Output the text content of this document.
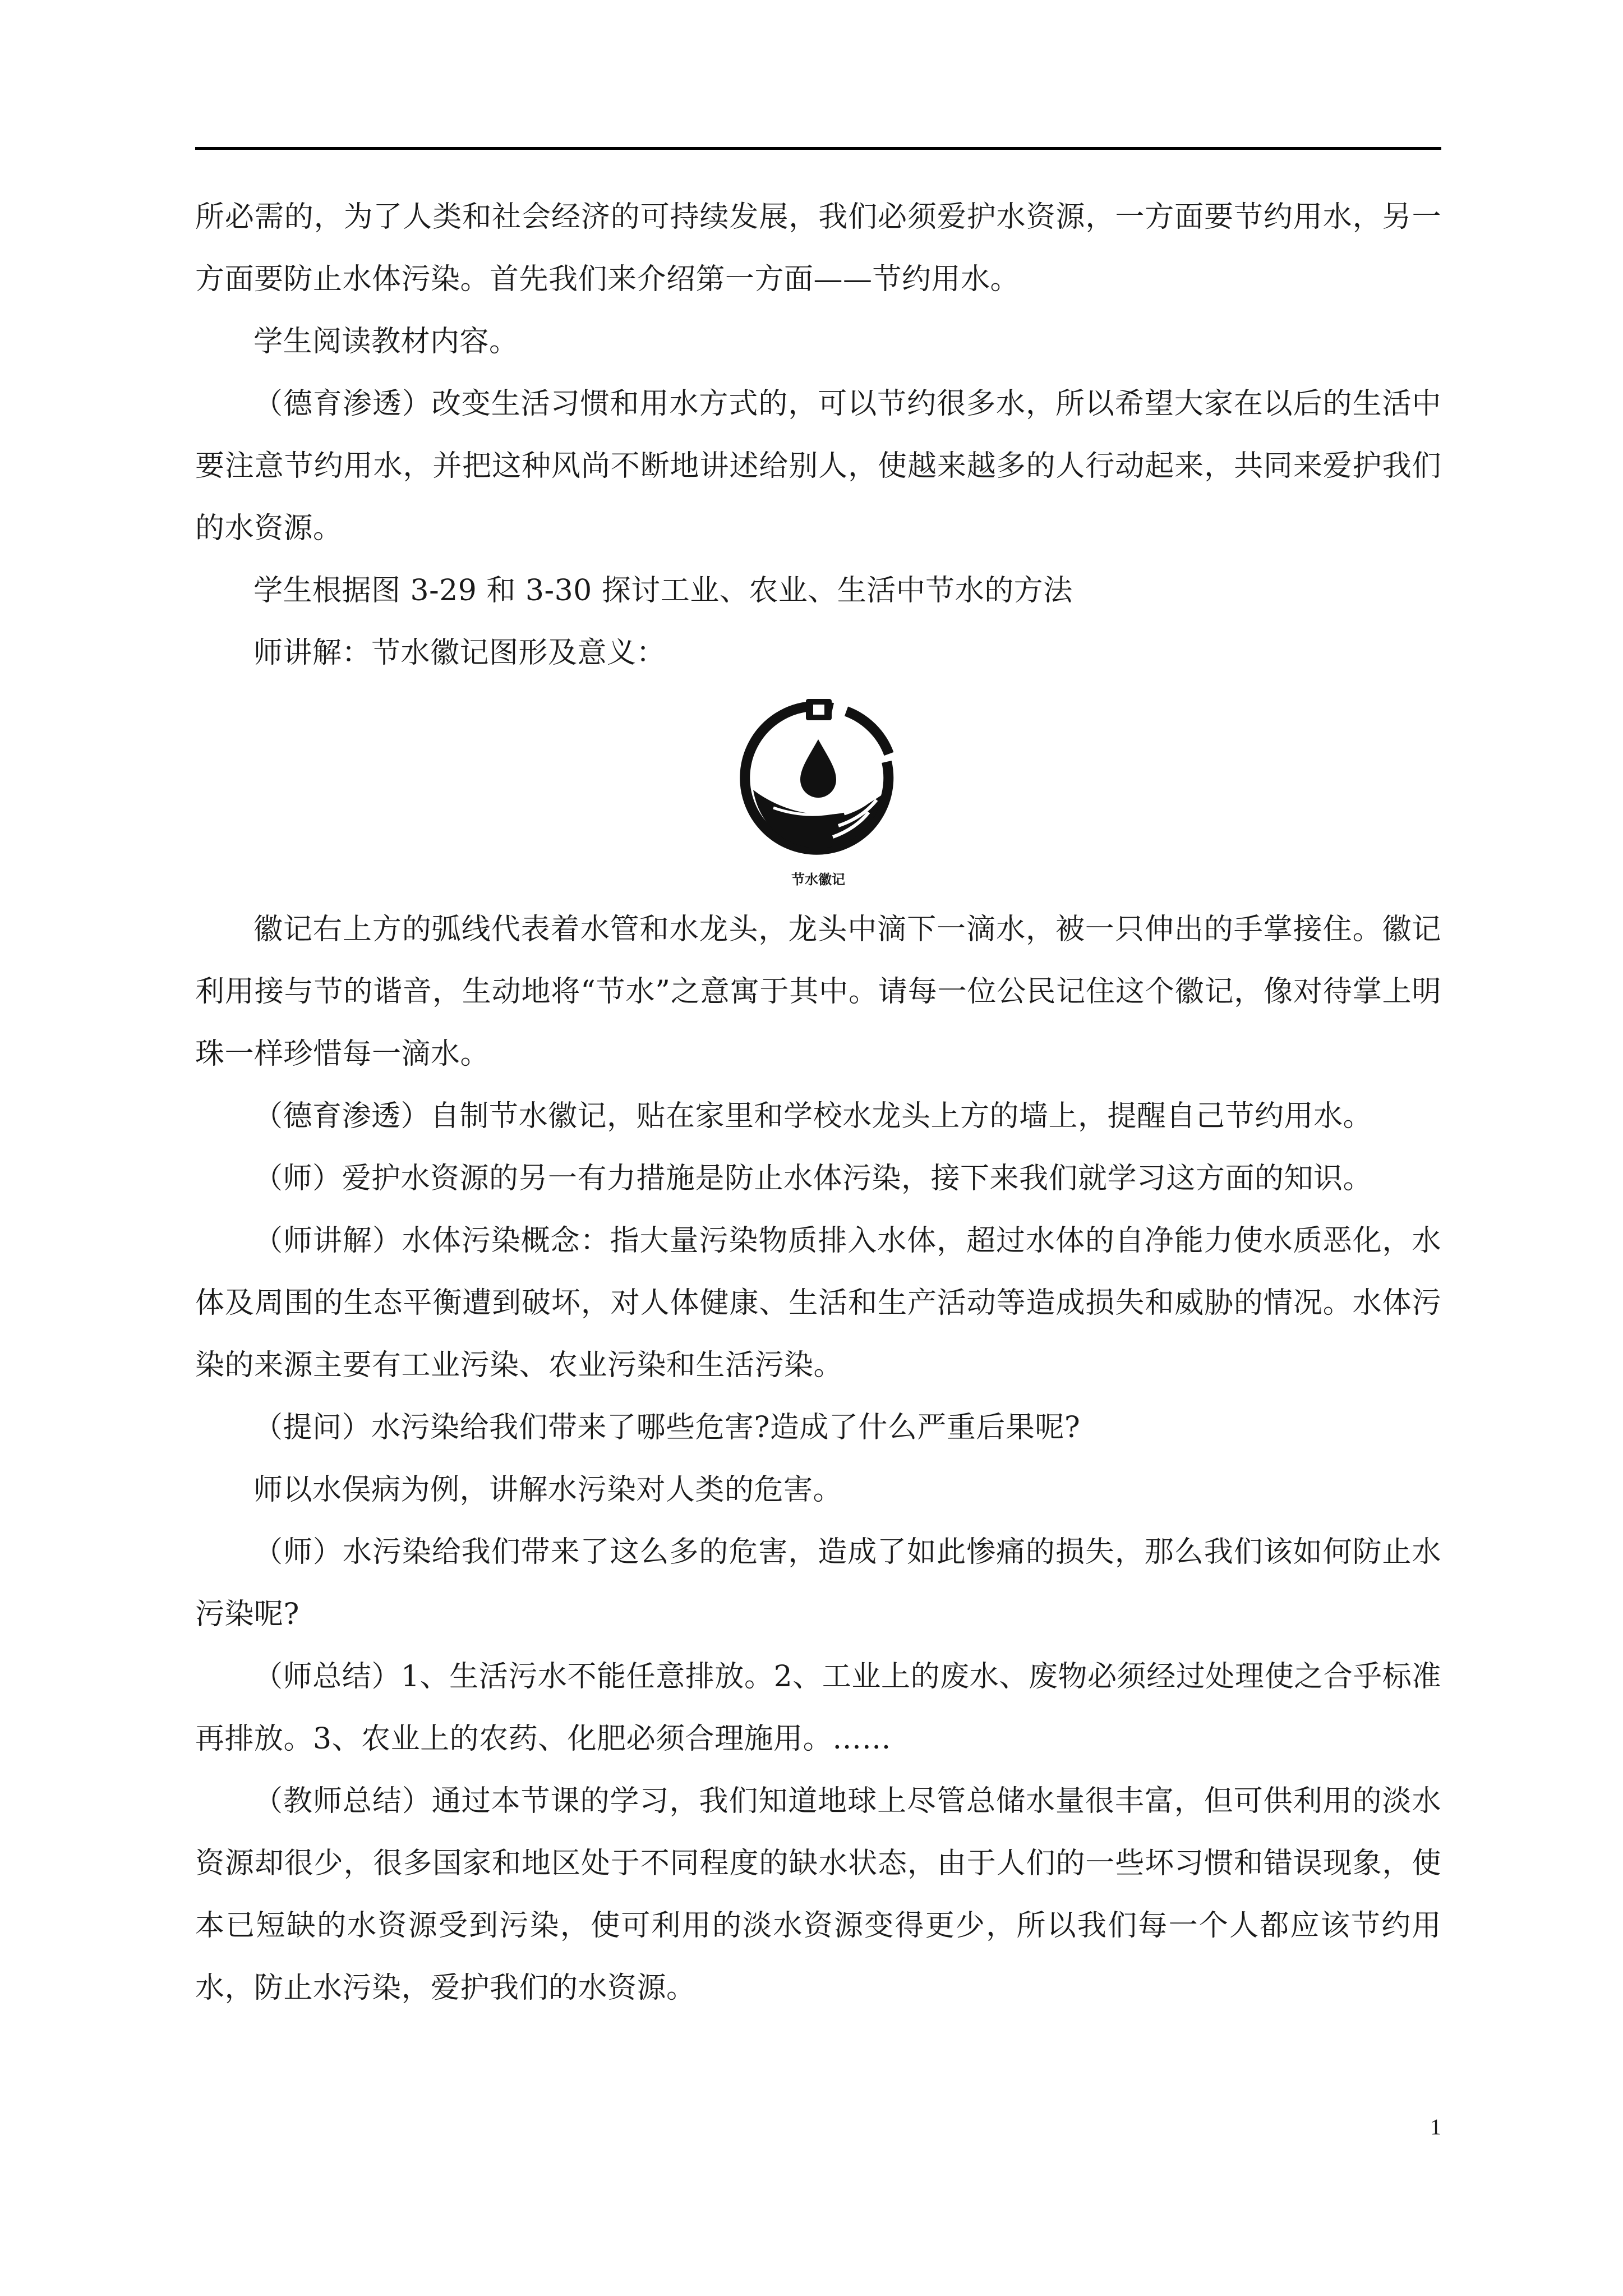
所必需的，为了人类和社会经济的可持续发展，我们必须爱护水资源，一方面要节约用水，另一方面要防止水体污染。首先我们来介绍第一方面——节约用水。

学生阅读教材内容。

（德育渗透）改变生活习惯和用水方式的，可以节约很多水，所以希望大家在以后的生活中要注意节约用水，并把这种风尚不断地讲述给别人，使越来越多的人行动起来，共同来爱护我们的水资源。

学生根据图 3-29 和 3-30 探讨工业、农业、生活中节水的方法

师讲解：节水徽记图形及意义：

节水徽记

徽记右上方的弧线代表着水管和水龙头，龙头中滴下一滴水，被一只伸出的手掌接住。徽记利用接与节的谐音，生动地将“节水”之意寓于其中。请每一位公民记住这个徽记，像对待掌上明珠一样珍惜每一滴水。

（德育渗透）自制节水徽记，贴在家里和学校水龙头上方的墙上，提醒自己节约用水。

（师）爱护水资源的另一有力措施是防止水体污染，接下来我们就学习这方面的知识。

（师讲解）水体污染概念：指大量污染物质排入水体，超过水体的自净能力使水质恶化，水体及周围的生态平衡遭到破坏，对人体健康、生活和生产活动等造成损失和威胁的情况。水体污染的来源主要有工业污染、农业污染和生活污染。

（提问）水污染给我们带来了哪些危害?造成了什么严重后果呢?

师以水俣病为例，讲解水污染对人类的危害。

（师）水污染给我们带来了这么多的危害，造成了如此惨痛的损失，那么我们该如何防止水污染呢?

（师总结）1、生活污水不能任意排放。2、工业上的废水、废物必须经过处理使之合乎标准再排放。3、农业上的农药、化肥必须合理施用。……

（教师总结）通过本节课的学习，我们知道地球上尽管总储水量很丰富，但可供利用的淡水资源却很少，很多国家和地区处于不同程度的缺水状态，由于人们的一些坏习惯和错误现象，使本已短缺的水资源受到污染，使可利用的淡水资源变得更少，所以我们每一个人都应该节约用水，防止水污染，爱护我们的水资源。

1
